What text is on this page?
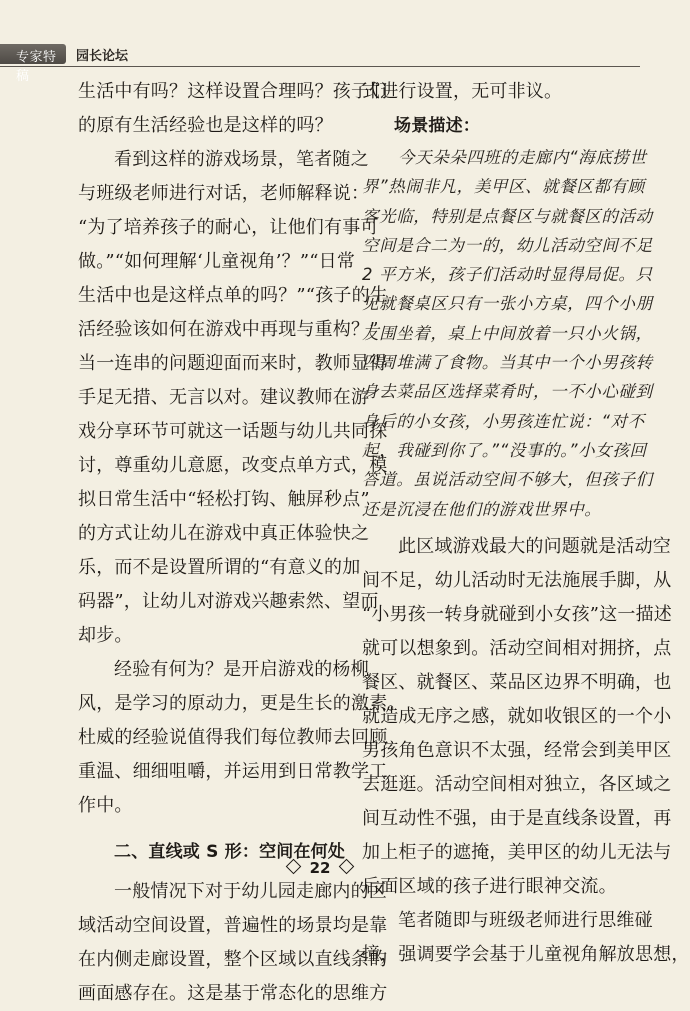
专家特稿
园长论坛
生活中有吗？这样设置合理吗？孩子们
的原有生活经验也是这样的吗？
看到这样的游戏场景，笔者随之
与班级老师进行对话，老师解释说：
“为了培养孩子的耐心，让他们有事可
做。”“如何理解‘儿童视角’？”“日常
生活中也是这样点单的吗？”“孩子的生
活经验该如何在游戏中再现与重构？”
当一连串的问题迎面而来时，教师显得
手足无措、无言以对。建议教师在游
戏分享环节可就这一话题与幼儿共同探
讨，尊重幼儿意愿，改变点单方式，模
拟日常生活中“轻松打钩、触屏秒点”
的方式让幼儿在游戏中真正体验快之
乐，而不是设置所谓的“有意义的加
码器”，让幼儿对游戏兴趣索然、望而
却步。
经验有何为？是开启游戏的杨柳
风，是学习的原动力，更是生长的激素。
杜威的经验说值得我们每位教师去回顾
重温、细细咀嚼，并运用到日常教学工
作中。
二、直线或 S 形：空间在何处
一般情况下对于幼儿园走廊内的区
域活动空间设置，普遍性的场景均是靠
在内侧走廊设置，整个区域以直线条的
画面感存在。这是基于常态化的思维方
式进行设置，无可非议。
场景描述：
今天朵朵四班的走廊内“海底捞世
界”热闹非凡，美甲区、就餐区都有顾
客光临，特别是点餐区与就餐区的活动
空间是合二为一的，幼儿活动空间不足
2 平方米，孩子们活动时显得局促。只
见就餐桌区只有一张小方桌，四个小朋
友围坐着，桌上中间放着一只小火锅，
四周堆满了食物。当其中一个小男孩转
身去菜品区选择菜肴时，一不小心碰到
身后的小女孩，小男孩连忙说：“对不
起，我碰到你了。”“没事的。”小女孩回
答道。虽说活动空间不够大，但孩子们
还是沉浸在他们的游戏世界中。
此区域游戏最大的问题就是活动空
间不足，幼儿活动时无法施展手脚，从
“小男孩一转身就碰到小女孩”这一描述
就可以想象到。活动空间相对拥挤，点
餐区、就餐区、菜品区边界不明确，也
就造成无序之感，就如收银区的一个小
男孩角色意识不太强，经常会到美甲区
去逛逛。活动空间相对独立，各区域之
间互动性不强，由于是直线条设置，再
加上柜子的遮掩，美甲区的幼儿无法与
后面区域的孩子进行眼神交流。
笔者随即与班级老师进行思维碰
撞，强调要学会基于儿童视角解放思想，
22
